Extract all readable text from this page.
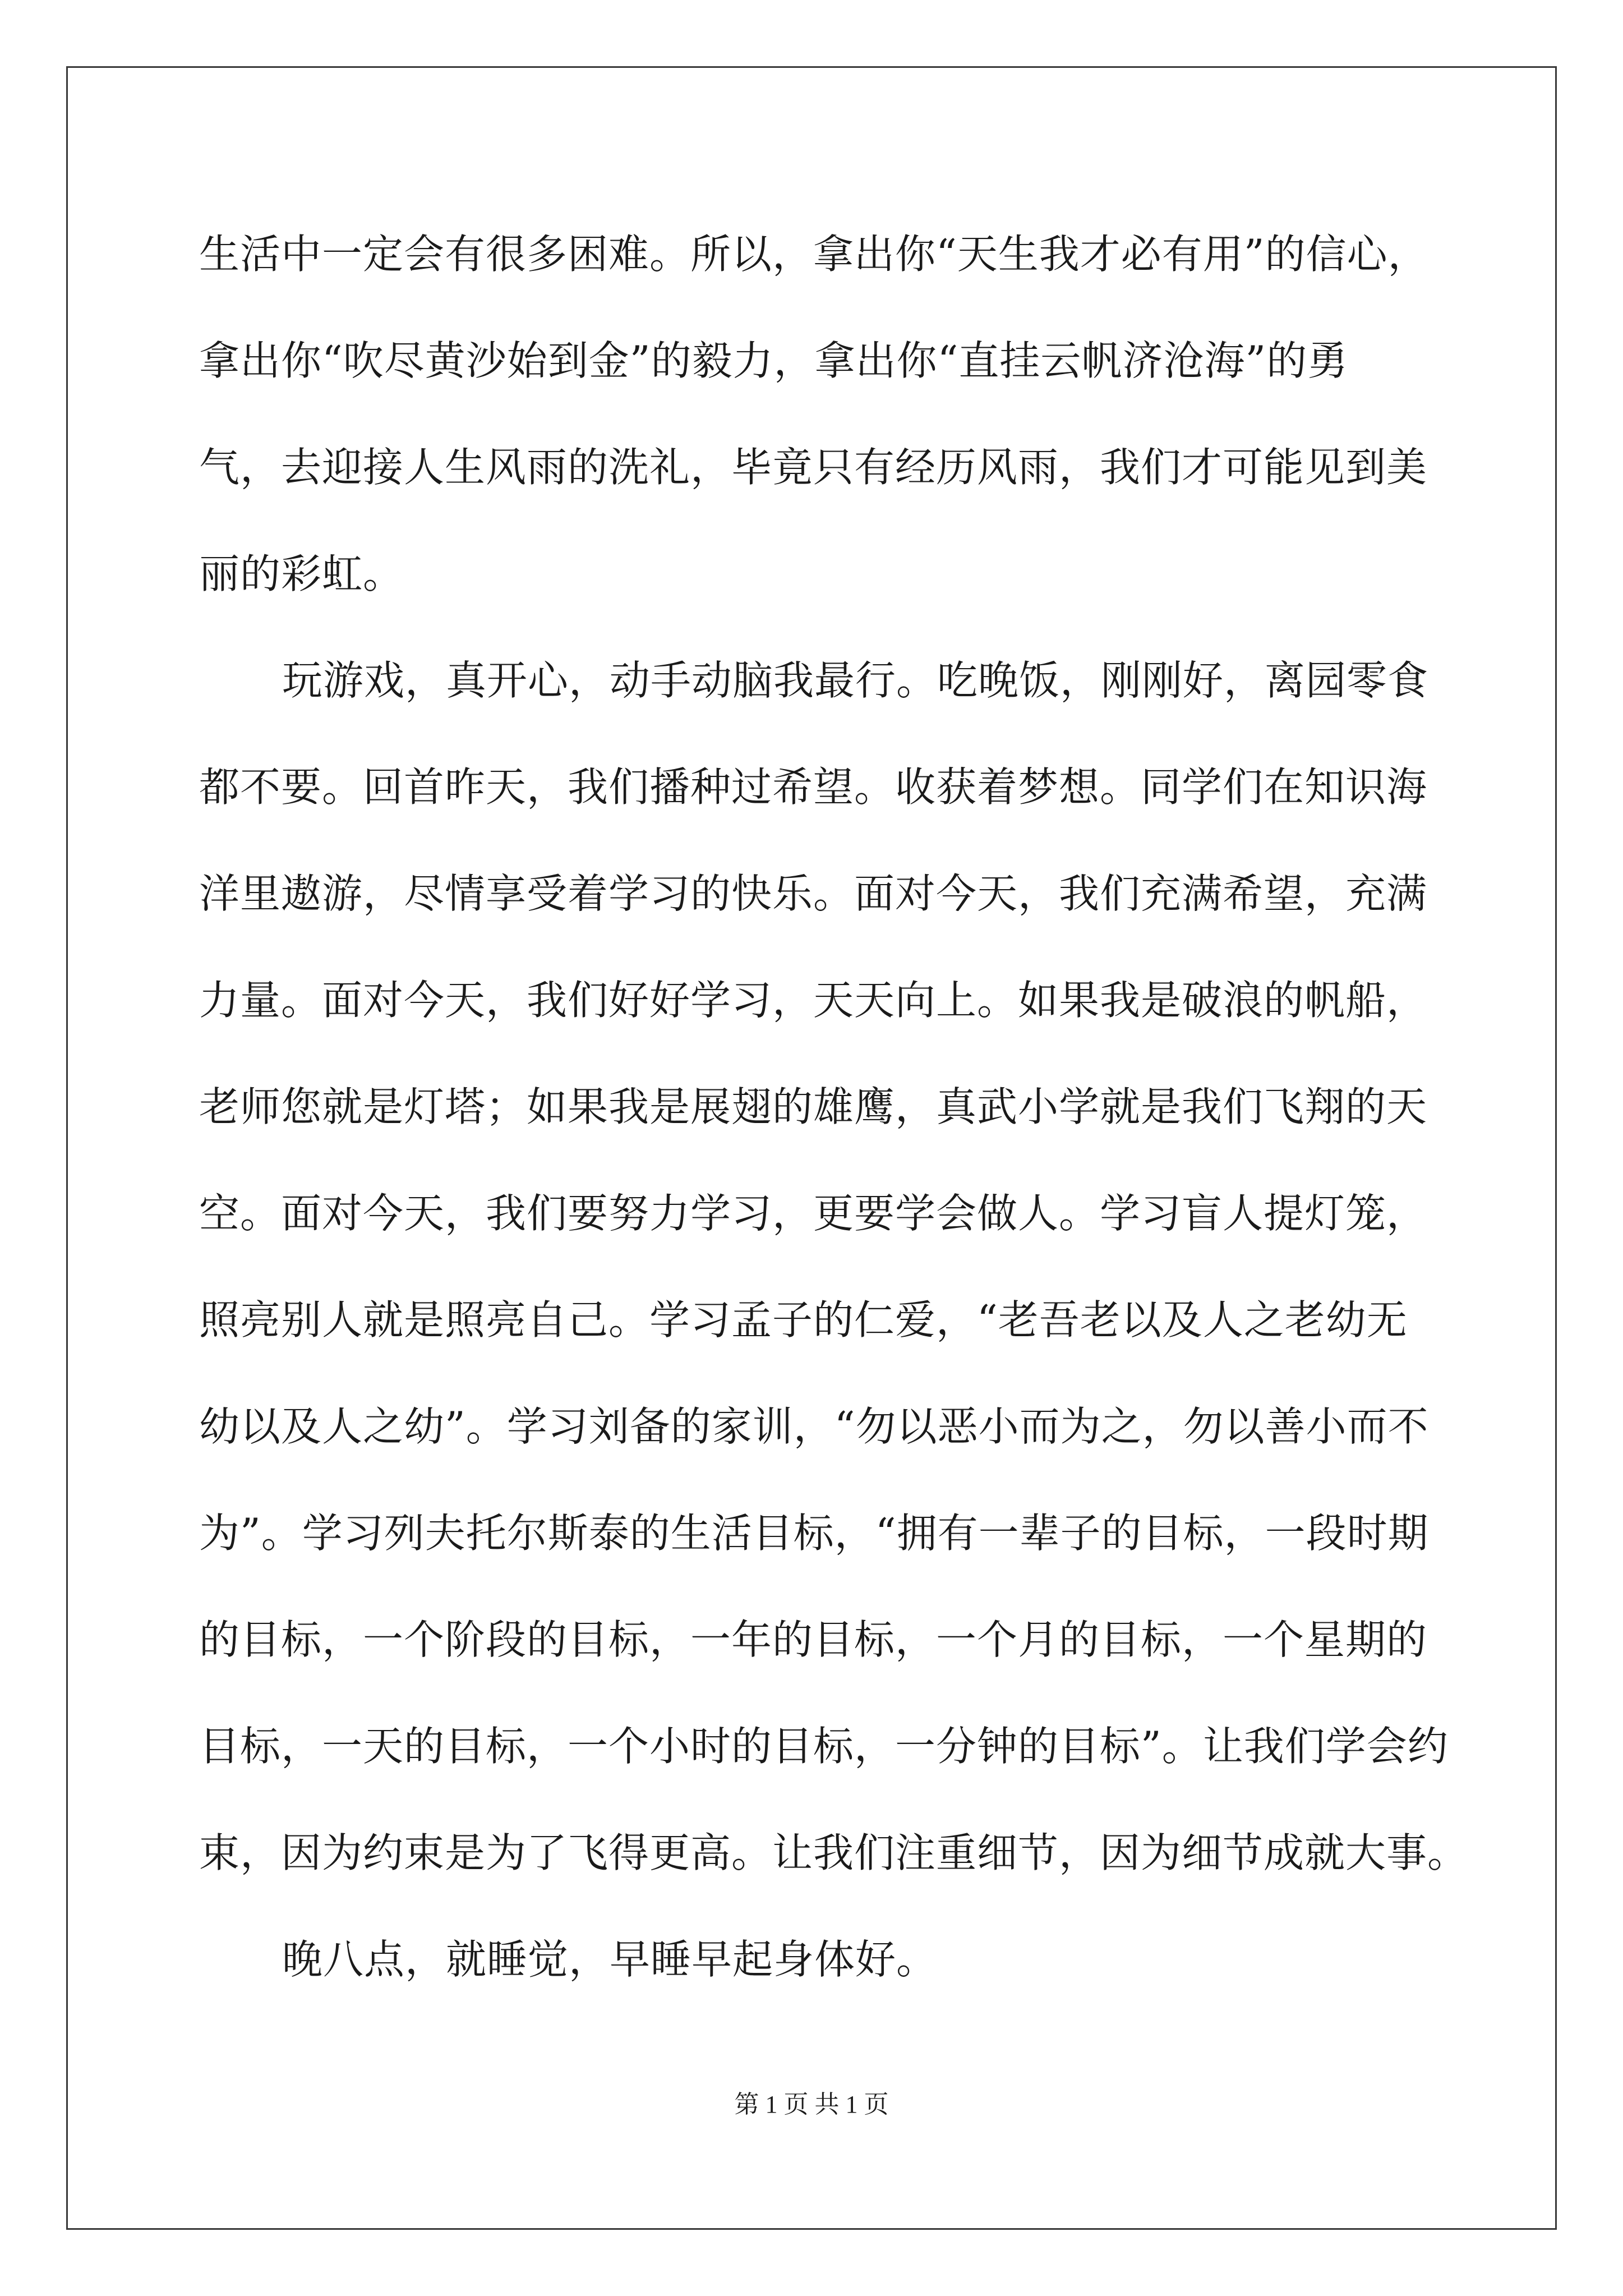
生活中一定会有很多困难。所以，拿出你“天生我才必有用”的信心，
拿出你“吹尽黄沙始到金”的毅力，拿出你“直挂云帆济沧海”的勇
气，去迎接人生风雨的洗礼，毕竟只有经历风雨，我们才可能见到美
丽的彩虹。
玩游戏，真开心，动手动脑我最行。吃晚饭，刚刚好，离园零食
都不要。回首昨天，我们播种过希望。收获着梦想。同学们在知识海
洋里遨游，尽情享受着学习的快乐。面对今天，我们充满希望，充满
力量。面对今天，我们好好学习，天天向上。如果我是破浪的帆船，
老师您就是灯塔；如果我是展翅的雄鹰，真武小学就是我们飞翔的天
空。面对今天，我们要努力学习，更要学会做人。学习盲人提灯笼，
照亮别人就是照亮自己。学习孟子的仁爱，“老吾老以及人之老幼无
幼以及人之幼”。学习刘备的家训，“勿以恶小而为之，勿以善小而不
为”。学习列夫托尔斯泰的生活目标，“拥有一辈子的目标，一段时期
的目标，一个阶段的目标，一年的目标，一个月的目标，一个星期的
目标，一天的目标，一个小时的目标，一分钟的目标”。让我们学会约
束，因为约束是为了飞得更高。让我们注重细节，因为细节成就大事。
晚八点，就睡觉，早睡早起身体好。
第 1 页 共 1 页
